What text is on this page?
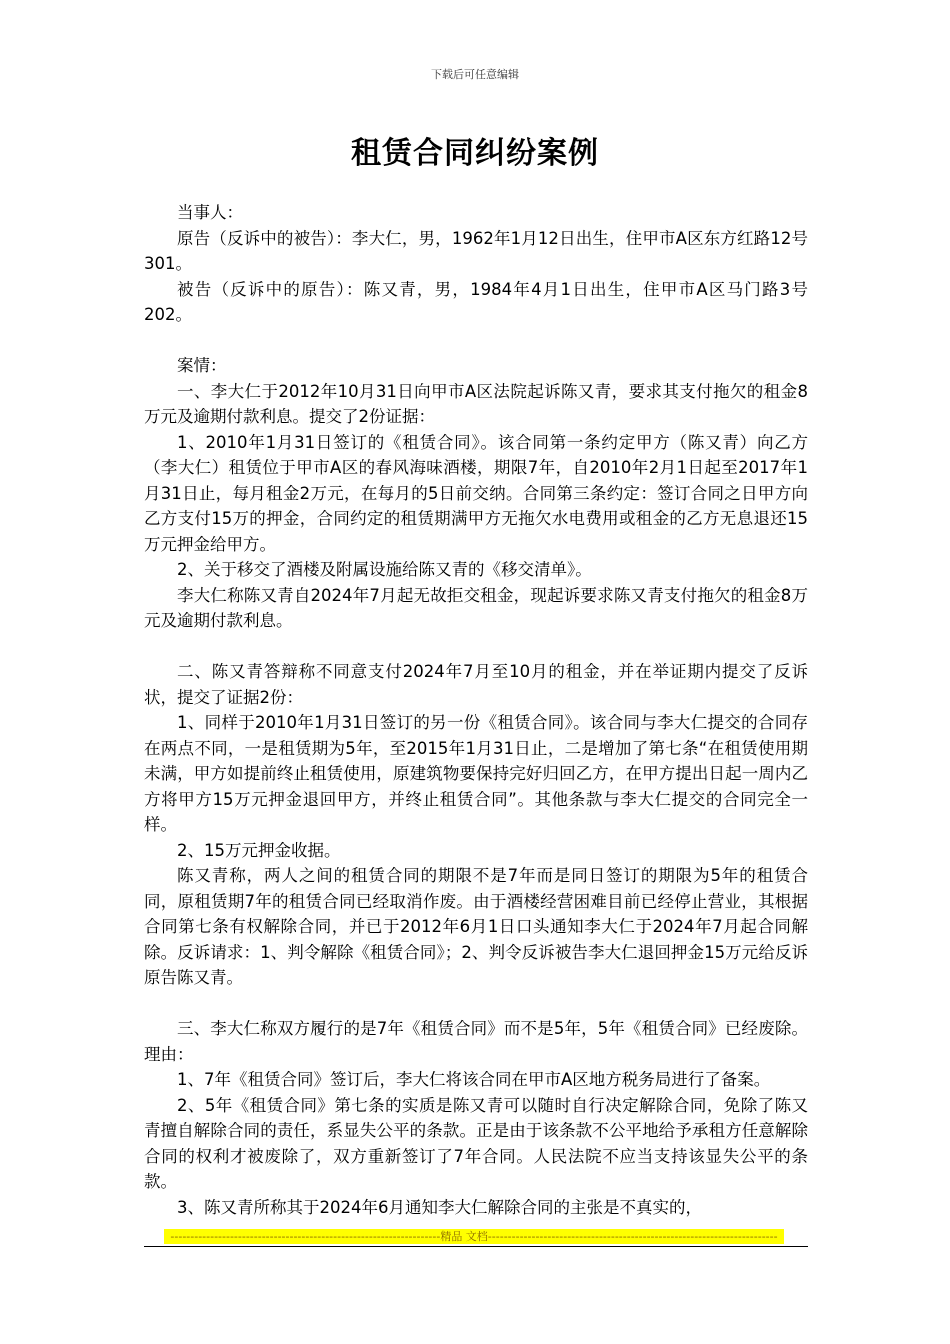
下载后可任意编辑
租赁合同纠纷案例

当事人：

原告（反诉中的被告）：李大仁，男，1962年1月12日出生，住甲市A区东方红路12号301。

被告（反诉中的原告）：陈又青，男，1984年4月1日出生，住甲市A区马门路3号202。

案情：

一、李大仁于2012年10月31日向甲市A区法院起诉陈又青，要求其支付拖欠的租金8万元及逾期付款利息。提交了2份证据：

1、2010年1月31日签订的《租赁合同》。该合同第一条约定甲方（陈又青）向乙方（李大仁）租赁位于甲市A区的春风海味酒楼，期限7年，自2010年2月1日起至2017年1月31日止，每月租金2万元，在每月的5日前交纳。合同第三条约定：签订合同之日甲方向乙方支付15万的押金，合同约定的租赁期满甲方无拖欠水电费用或租金的乙方无息退还15万元押金给甲方。

2、关于移交了酒楼及附属设施给陈又青的《移交清单》。

李大仁称陈又青自2024年7月起无故拒交租金，现起诉要求陈又青支付拖欠的租金8万元及逾期付款利息。

二、陈又青答辩称不同意支付2024年7月至10月的租金，并在举证期内提交了反诉状，提交了证据2份：

1、同样于2010年1月31日签订的另一份《租赁合同》。该合同与李大仁提交的合同存在两点不同，一是租赁期为5年，至2015年1月31日止，二是增加了第七条“在租赁使用期未满，甲方如提前终止租赁使用，原建筑物要保持完好归回乙方，在甲方提出日起一周内乙方将甲方15万元押金退回甲方，并终止租赁合同”。其他条款与李大仁提交的合同完全一样。

2、15万元押金收据。

陈又青称，两人之间的租赁合同的期限不是7年而是同日签订的期限为5年的租赁合同，原租赁期7年的租赁合同已经取消作废。由于酒楼经营困难目前已经停止营业，其根据合同第七条有权解除合同，并已于2012年6月1日口头通知李大仁于2024年7月起合同解除。反诉请求：1、判令解除《租赁合同》；2、判令反诉被告李大仁退回押金15万元给反诉原告陈又青。

三、李大仁称双方履行的是7年《租赁合同》而不是5年，5年《租赁合同》已经废除。理由：

1、7年《租赁合同》签订后，李大仁将该合同在甲市A区地方税务局进行了备案。

2、5年《租赁合同》第七条的实质是陈又青可以随时自行决定解除合同，免除了陈又青擅自解除合同的责任，系显失公平的条款。正是由于该条款不公平地给予承租方任意解除合同的权利才被废除了，双方重新签订了7年合同。人民法院不应当支持该显失公平的条款。

3、陈又青所称其于2024年6月通知李大仁解除合同的主张是不真实的，

--------------------------------------------------------------------精品 文档-------------------------------------------------------------------------
